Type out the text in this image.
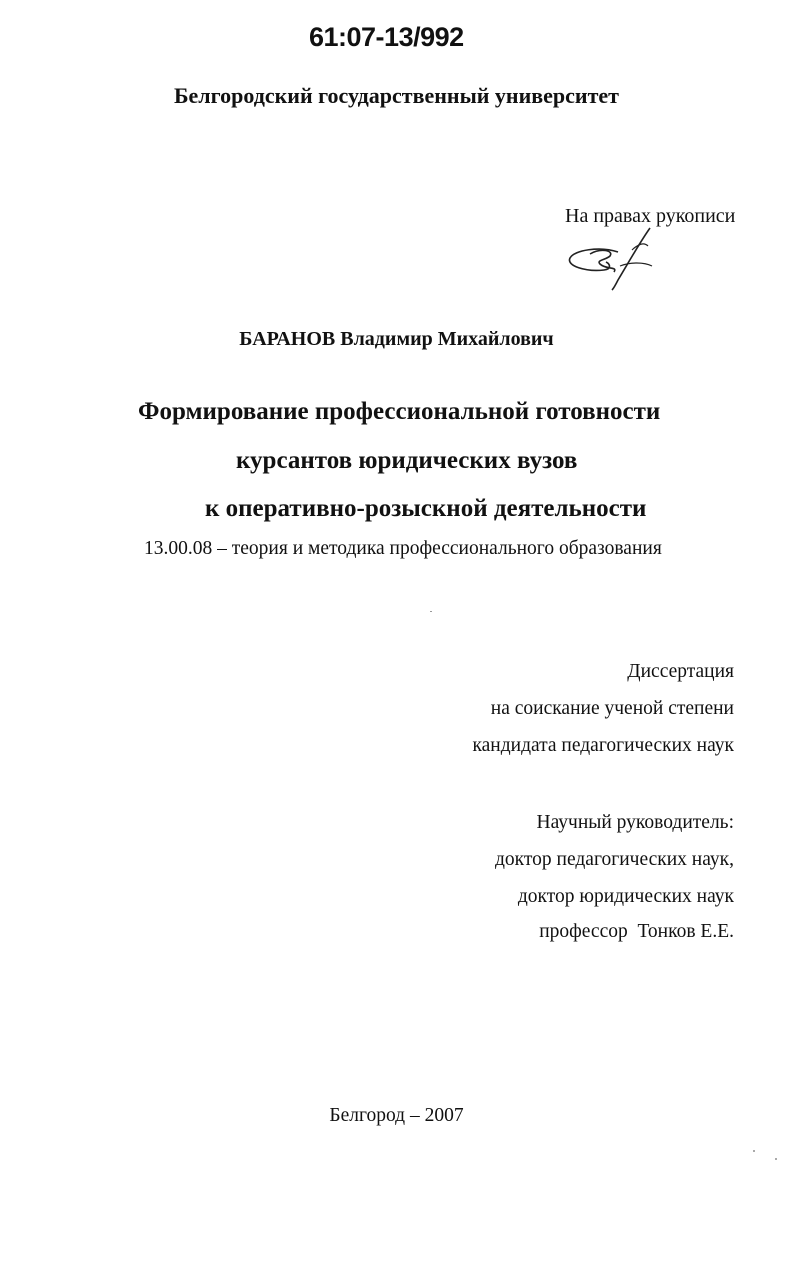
61:07-13/992
Белгородский государственный университет
На правах рукописи
БАРАНОВ Владимир Михайлович
Формирование профессиональной готовности
курсантов юридических вузов
к оперативно-розыскной деятельности
13.00.08 – теория и методика профессионального образования
Диссертация
на соискание ученой степени
кандидата педагогических наук
Научный руководитель:
доктор педагогических наук,
доктор юридических наук
профессор  Тонков Е.Е.
Белгород – 2007
